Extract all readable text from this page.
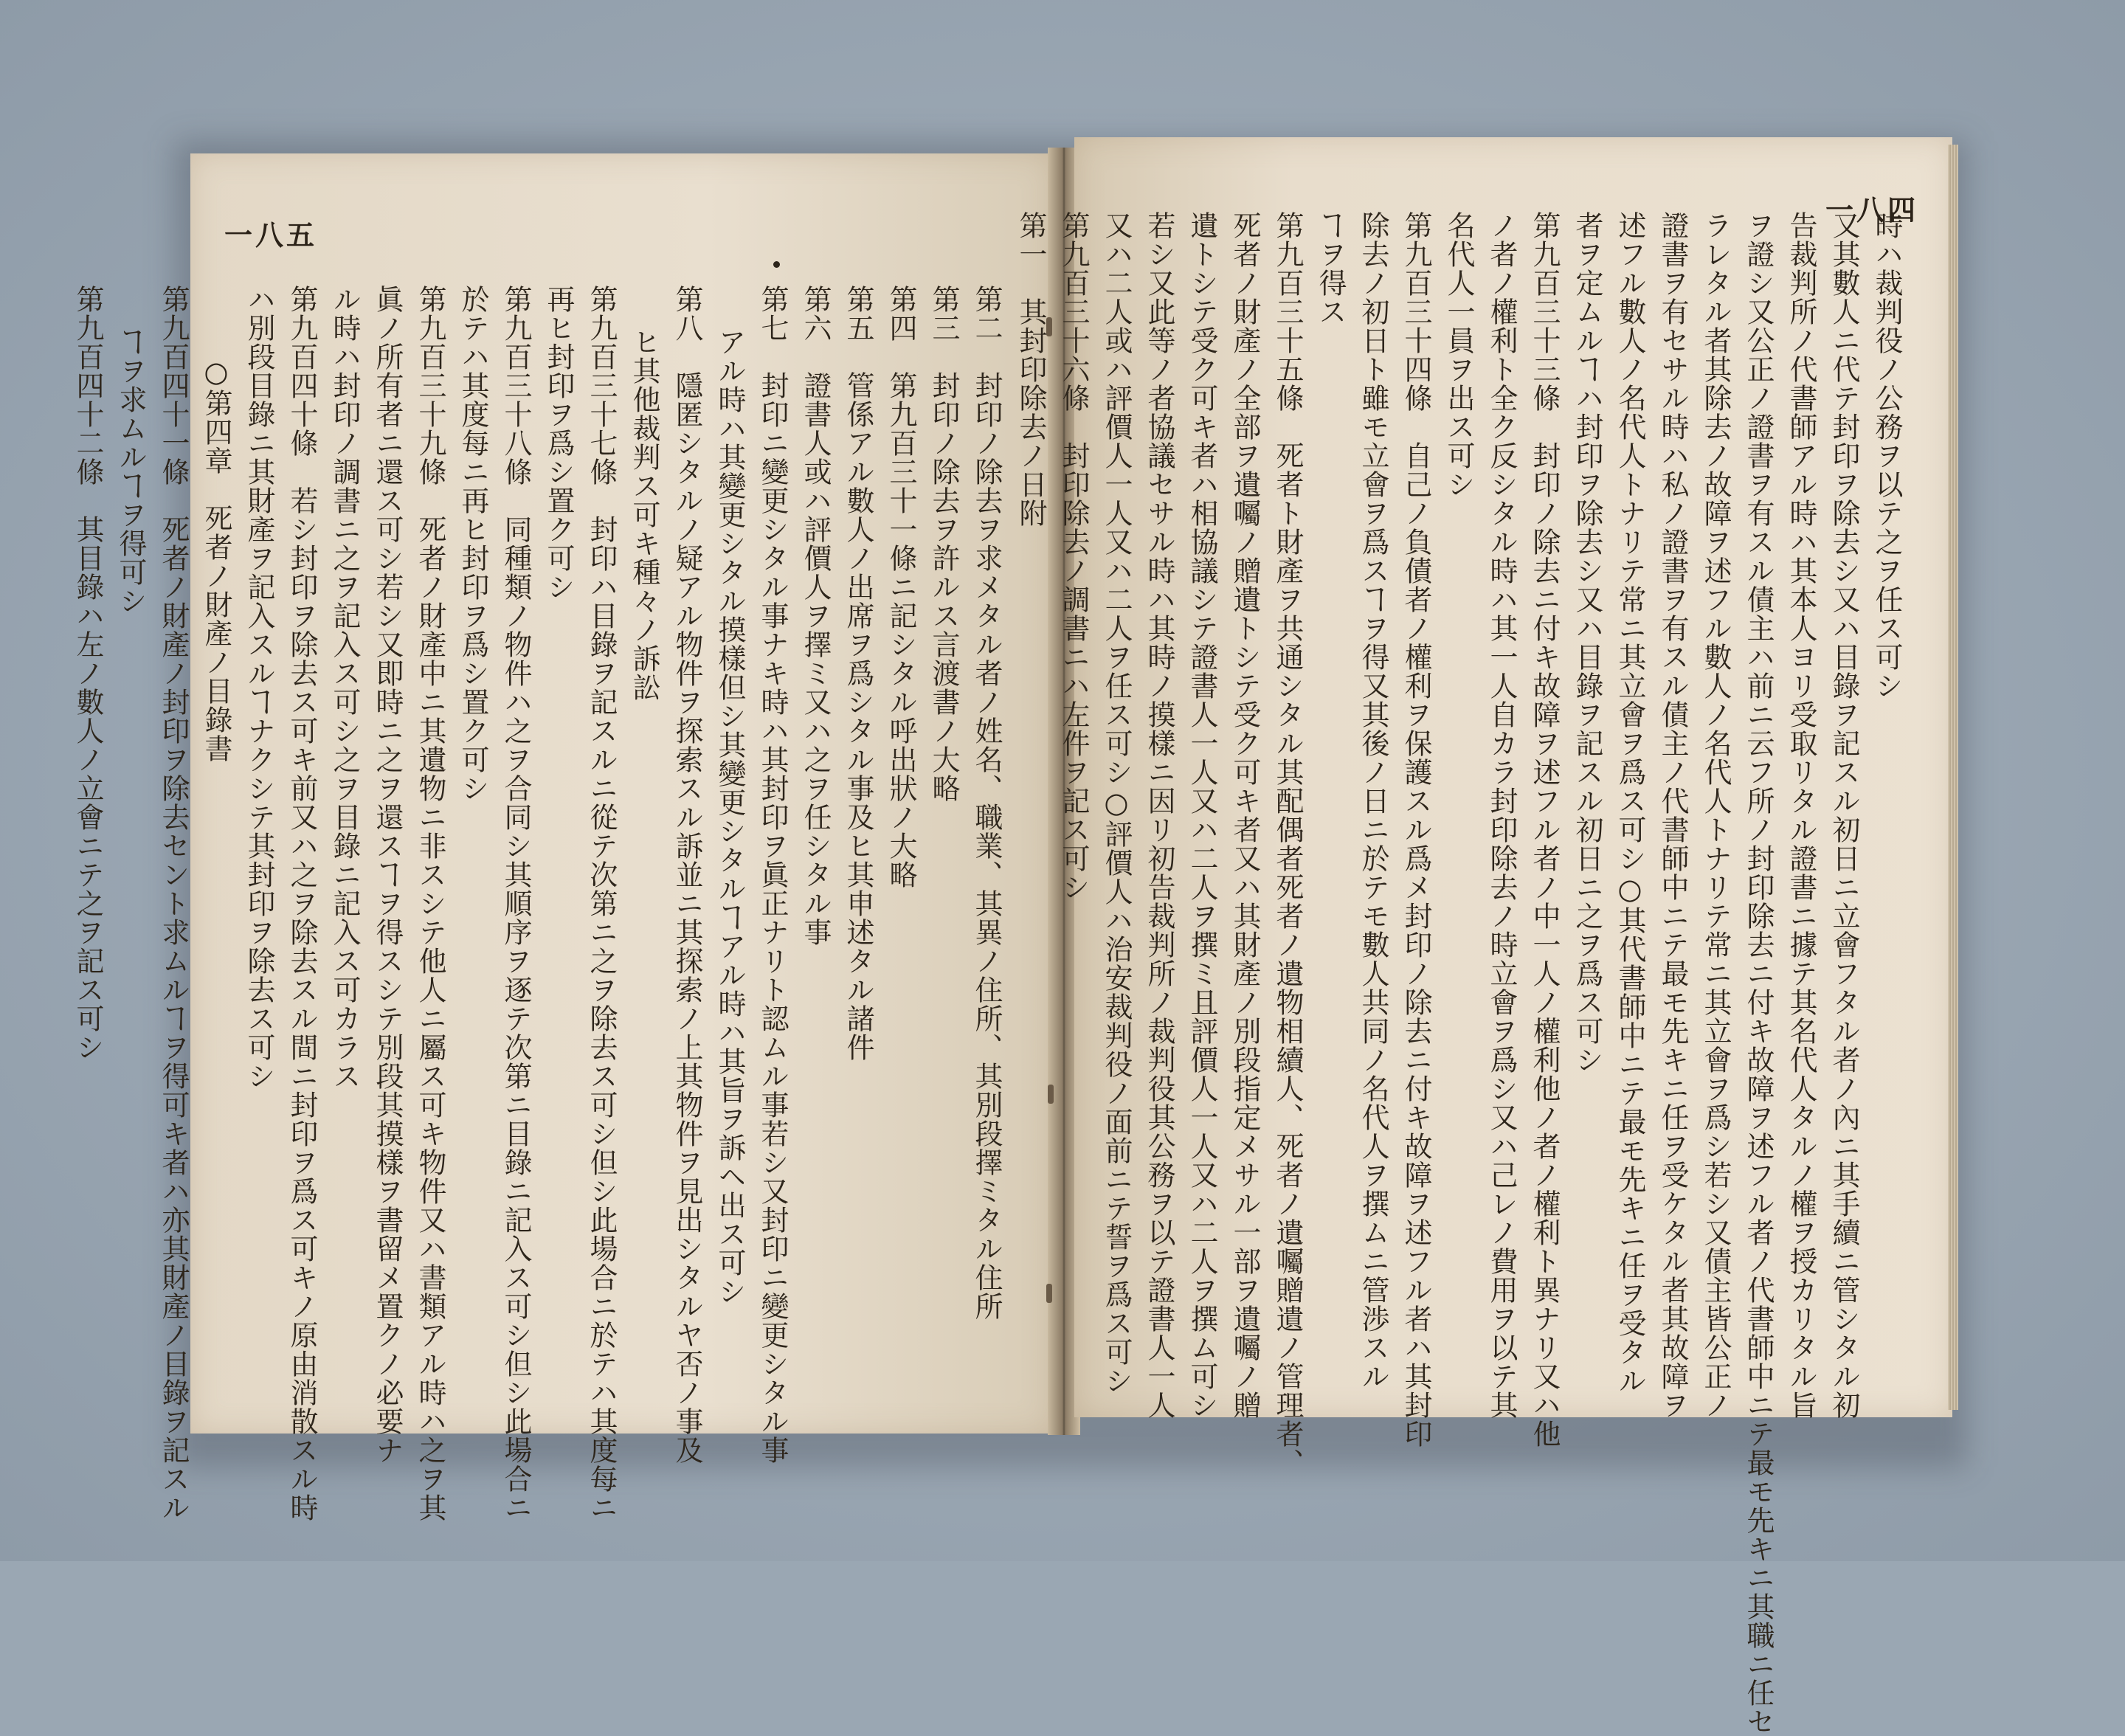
一八五
第二　封印ノ除去ヲ求メタル者ノ姓名、職業、其異ノ住所、其別段擇ミタル住所
第三　封印ノ除去ヲ許ルス言渡書ノ大略
第四　第九百三十一條ニ記シタル呼出狀ノ大略
第五　管係アル數人ノ出席ヲ爲シタル事及ヒ其申述タル諸件
第六　證書人或ハ評價人ヲ擇ミ又ハ之ヲ任シタル事
第七　封印ニ變更シタル事ナキ時ハ其封印ヲ眞正ナリト認ムル事若シ又封印ニ變更シタル事
アル時ハ其變更シタル摸樣但シ其變更シタルヿアル時ハ其旨ヲ訴ヘ出ス可シ
第八　隱匿シタルノ疑アル物件ヲ探索スル訴並ニ其探索ノ上其物件ヲ見出シタルヤ否ノ事及
ヒ其他裁判ス可キ種々ノ訴訟
第九百三十七條　封印ハ目錄ヲ記スルニ從テ次第ニ之ヲ除去ス可シ但シ此場合ニ於テハ其度每ニ
再ヒ封印ヲ爲シ置ク可シ
第九百三十八條　同種類ノ物件ハ之ヲ合同シ其順序ヲ逐テ次第ニ目錄ニ記入ス可シ但シ此場合ニ
於テハ其度每ニ再ヒ封印ヲ爲シ置ク可シ
第九百三十九條　死者ノ財產中ニ其遺物ニ非スシテ他人ニ屬ス可キ物件又ハ書類アル時ハ之ヲ其
眞ノ所有者ニ還ス可シ若シ又即時ニ之ヲ還スヿヲ得スシテ別段其摸樣ヲ書留メ置クノ必要ナ
ル時ハ封印ノ調書ニ之ヲ記入ス可シ之ヲ目錄ニ記入ス可カラス
第九百四十條　若シ封印ヲ除去ス可キ前又ハ之ヲ除去スル間ニ封印ヲ爲ス可キノ原由消散スル時
ハ別段目錄ニ其財產ヲ記入スルヿナクシテ其封印ヲ除去ス可シ
○第四章　死者ノ財產ノ目錄書
第九百四十一條　死者ノ財產ノ封印ヲ除去セント求ムルヿヲ得可キ者ハ亦其財產ノ目錄ヲ記スル
ヿヲ求ムルヿヲ得可シ
第九百四十二條　其目錄ハ左ノ數人ノ立會ニテ之ヲ記ス可シ
一八四
時ハ裁判役ノ公務ヲ以テ之ヲ任ス可シ
又其數人ニ代テ封印ヲ除去シ又ハ目錄ヲ記スル初日ニ立會フタル者ノ內ニ其手續ニ管シタル初
告裁判所ノ代書師アル時ハ其本人ヨリ受取リタル證書ニ據テ其名代人タルノ權ヲ授カリタル旨
ヲ證シ又公正ノ證書ヲ有スル債主ハ前ニ云フ所ノ封印除去ニ付キ故障ヲ述フル者ノ代書師中ニテ最モ先キニ其職ニ任セ
ラレタル者其除去ノ故障ヲ述フル數人ノ名代人トナリテ常ニ其立會ヲ爲シ若シ又債主皆公正ノ
證書ヲ有セサル時ハ私ノ證書ヲ有スル債主ノ代書師中ニテ最モ先キニ任ヲ受ケタル者其故障ヲ
述フル數人ノ名代人トナリテ常ニ其立會ヲ爲ス可シ○其代書師中ニテ最モ先キニ任ヲ受タル
者ヲ定ムルヿハ封印ヲ除去シ又ハ目錄ヲ記スル初日ニ之ヲ爲ス可シ
第九百三十三條　封印ノ除去ニ付キ故障ヲ述フル者ノ中一人ノ權利他ノ者ノ權利ト異ナリ又ハ他
ノ者ノ權利ト全ク反シタル時ハ其一人自カラ封印除去ノ時立會ヲ爲シ又ハ己レノ費用ヲ以テ其
名代人一員ヲ出ス可シ
第九百三十四條　自己ノ負債者ノ權利ヲ保護スル爲メ封印ノ除去ニ付キ故障ヲ述フル者ハ其封印
除去ノ初日ト雖モ立會ヲ爲スヿヲ得又其後ノ日ニ於テモ數人共同ノ名代人ヲ撰ムニ管渉スル
ヿヲ得ス
第九百三十五條　死者ト財產ヲ共通シタル其配偶者死者ノ遺物相續人、死者ノ遺囑贈遺ノ管理者、
死者ノ財產ノ全部ヲ遺囑ノ贈遺トシテ受ク可キ者又ハ其財產ノ別段指定メサル一部ヲ遺囑ノ贈
遺トシテ受ク可キ者ハ相協議シテ證書人一人又ハ二人ヲ撰ミ且評價人一人又ハ二人ヲ撰ム可シ
若シ又此等ノ者協議セサル時ハ其時ノ摸樣ニ因リ初告裁判所ノ裁判役其公務ヲ以テ證書人一人
又ハ二人或ハ評價人一人又ハ二人ヲ任ス可シ○評價人ハ治安裁判役ノ面前ニテ誓ヲ爲ス可シ
第九百三十六條　封印除去ノ調書ニハ左件ヲ記ス可シ
第一　其封印除去ノ日附
